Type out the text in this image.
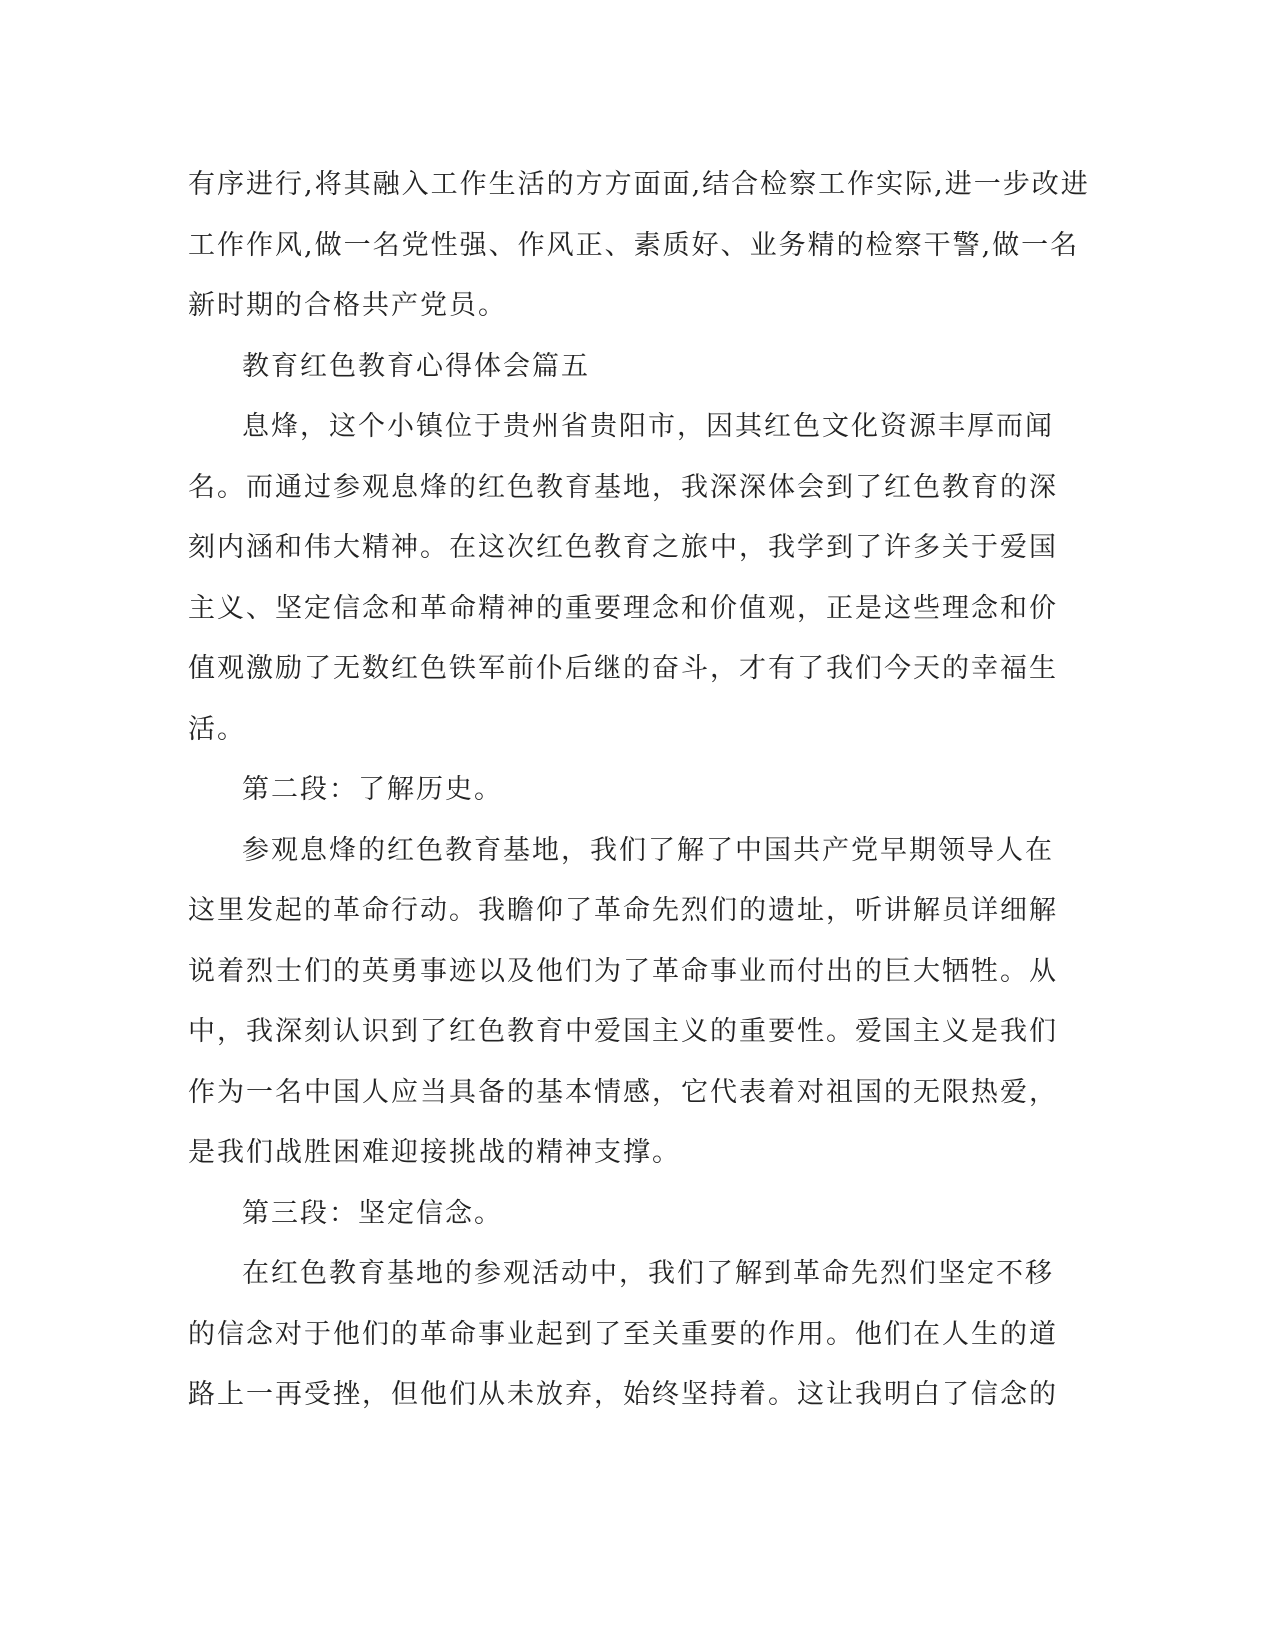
有序进行,将其融入工作生活的方方面面,结合检察工作实际,进一步改进
工作作风,做一名党性强、作风正、素质好、业务精的检察干警,做一名
新时期的合格共产党员。

教育红色教育心得体会篇五

息烽，这个小镇位于贵州省贵阳市，因其红色文化资源丰厚而闻
名。而通过参观息烽的红色教育基地，我深深体会到了红色教育的深
刻内涵和伟大精神。在这次红色教育之旅中，我学到了许多关于爱国
主义、坚定信念和革命精神的重要理念和价值观，正是这些理念和价
值观激励了无数红色铁军前仆后继的奋斗，才有了我们今天的幸福生
活。

第二段：了解历史。

参观息烽的红色教育基地，我们了解了中国共产党早期领导人在
这里发起的革命行动。我瞻仰了革命先烈们的遗址，听讲解员详细解
说着烈士们的英勇事迹以及他们为了革命事业而付出的巨大牺牲。从
中，我深刻认识到了红色教育中爱国主义的重要性。爱国主义是我们
作为一名中国人应当具备的基本情感，它代表着对祖国的无限热爱，
是我们战胜困难迎接挑战的精神支撑。

第三段：坚定信念。

在红色教育基地的参观活动中，我们了解到革命先烈们坚定不移
的信念对于他们的革命事业起到了至关重要的作用。他们在人生的道
路上一再受挫，但他们从未放弃，始终坚持着。这让我明白了信念的
